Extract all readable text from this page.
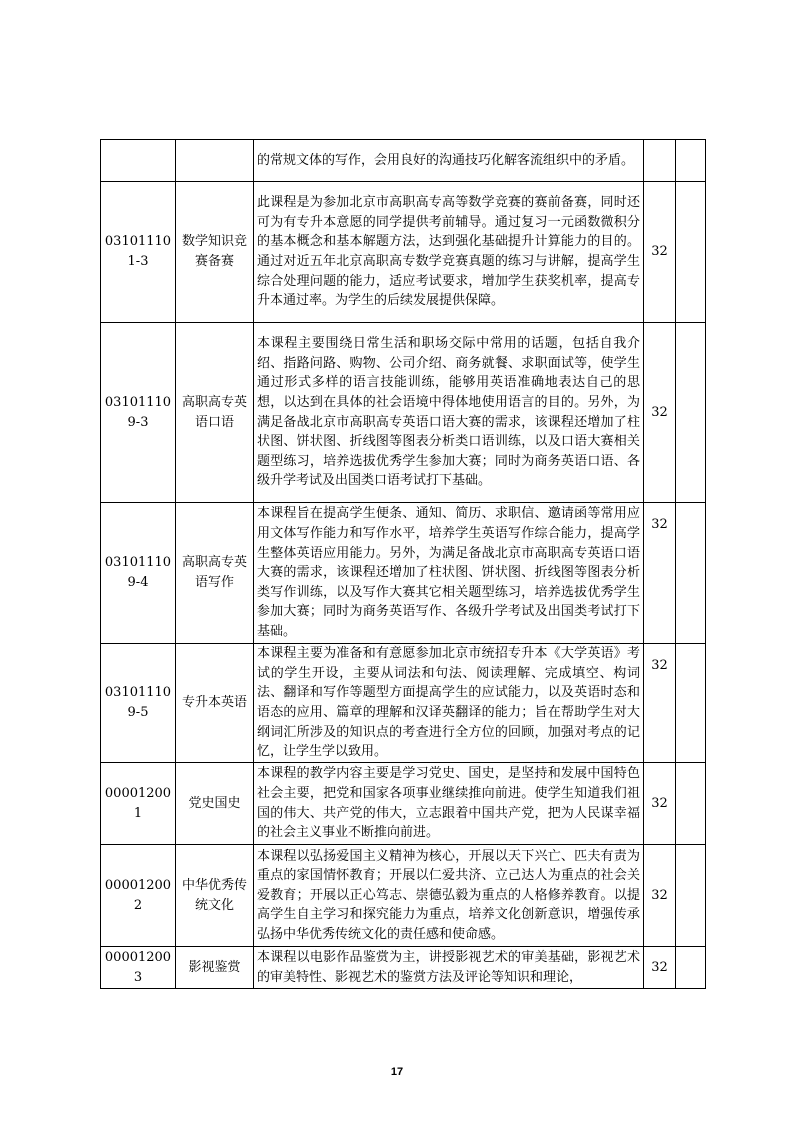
		的常规文体的写作，会用良好的沟通技巧化解客流组织中的矛盾。		
031011101-3	数学知识竞赛备赛	此课程是为参加北京市高职高专高等数学竞赛的赛前备赛，同时还可为有专升本意愿的同学提供考前辅导。通过复习一元函数微积分的基本概念和基本解题方法，达到强化基础提升计算能力的目的。通过对近五年北京高职高专数学竞赛真题的练习与讲解，提高学生综合处理问题的能力，适应考试要求，增加学生获奖机率，提高专升本通过率。为学生的后续发展提供保障。	32	
031011109-3	高职高专英语口语	本课程主要围绕日常生活和职场交际中常用的话题，包括自我介绍、指路问路、购物、公司介绍、商务就餐、求职面试等，使学生通过形式多样的语言技能训练，能够用英语准确地表达自己的思想，以达到在具体的社会语境中得体地使用语言的目的。另外，为满足备战北京市高职高专英语口语大赛的需求，该课程还增加了柱状图、饼状图、折线图等图表分析类口语训练，以及口语大赛相关题型练习，培养选拔优秀学生参加大赛；同时为商务英语口语、各级升学考试及出国类口语考试打下基础。	32	
031011109-4	高职高专英语写作	本课程旨在提高学生便条、通知、简历、求职信、邀请函等常用应用文体写作能力和写作水平，培养学生英语写作综合能力，提高学生整体英语应用能力。另外，为满足备战北京市高职高专英语口语大赛的需求，该课程还增加了柱状图、饼状图、折线图等图表分析类写作训练，以及写作大赛其它相关题型练习，培养选拔优秀学生参加大赛；同时为商务英语写作、各级升学考试及出国类考试打下基础。	32	
031011109-5	专升本英语	本课程主要为准备和有意愿参加北京市统招专升本《大学英语》考试的学生开设，主要从词法和句法、阅读理解、完成填空、构词法、翻译和写作等题型方面提高学生的应试能力，以及英语时态和语态的应用、篇章的理解和汉译英翻译的能力；旨在帮助学生对大纲词汇所涉及的知识点的考查进行全方位的回顾，加强对考点的记忆，让学生学以致用。	32	
000012001	党史国史	本课程的教学内容主要是学习党史、国史，是坚持和发展中国特色社会主要，把党和国家各项事业继续推向前进。使学生知道我们祖国的伟大、共产党的伟大，立志跟着中国共产党，把为人民谋幸福的社会主义事业不断推向前进。	32	
000012002	中华优秀传统文化	本课程以弘扬爱国主义精神为核心，开展以天下兴亡、匹夫有责为重点的家国情怀教育；开展以仁爱共济、立己达人为重点的社会关爱教育；开展以正心笃志、崇德弘毅为重点的人格修养教育。以提高学生自主学习和探究能力为重点，培养文化创新意识，增强传承弘扬中华优秀传统文化的责任感和使命感。	32	
000012003	影视鉴赏	本课程以电影作品鉴赏为主，讲授影视艺术的审美基础，影视艺术的审美特性、影视艺术的鉴赏方法及评论等知识和理论，	32	
17
